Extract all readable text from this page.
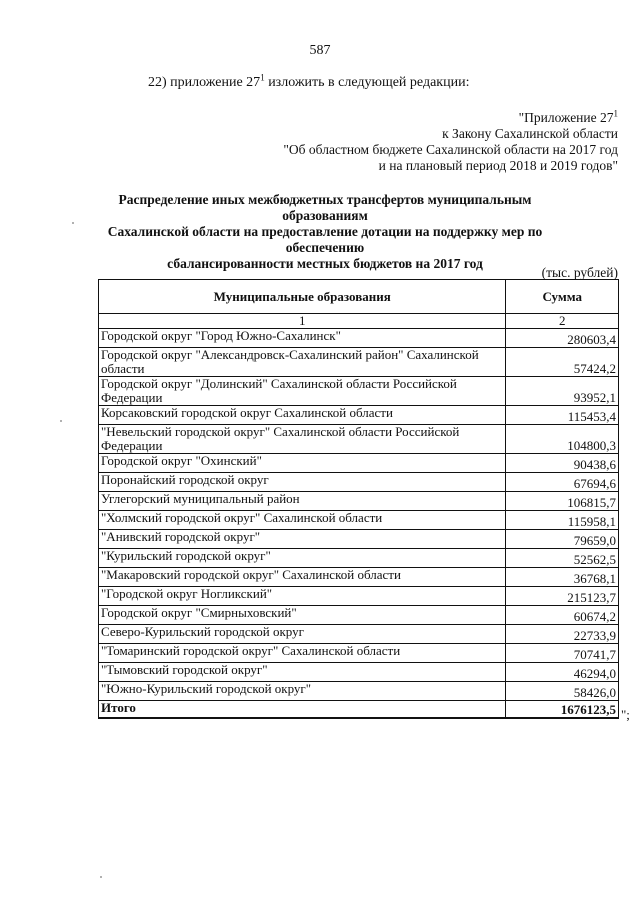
587
22) приложение $27^1$ изложить в следующей редакции:
"Приложение $27^1$
к Закону Сахалинской области
"Об областном бюджете Сахалинской области на 2017 год
и на плановый период 2018 и 2019 годов"
Распределение иных межбюджетных трансфертов муниципальным образованиям
Сахалинской области на предоставление дотации на поддержку мер по обеспечению
сбалансированности местных бюджетов на 2017 год
(тыс. рублей)
Муниципальные образования	Сумма
1	2
Городской округ "Город Южно-Сахалинск"	280603,4
Городской округ "Александровск-Сахалинский район" Сахалинской области	57424,2
Городской округ "Долинский" Сахалинской области Российской Федерации	93952,1
Корсаковский городской округ Сахалинской области	115453,4
"Невельский городской округ" Сахалинской области Российской Федерации	104800,3
Городской округ "Охинский"	90438,6
Поронайский городской округ	67694,6
Углегорский муниципальный район	106815,7
"Холмский городской округ" Сахалинской области	115958,1
"Анивский городской округ"	79659,0
"Курильский городской округ"	52562,5
"Макаровский городской округ" Сахалинской области	36768,1
"Городской округ Ногликский"	215123,7
Городской округ "Смирныховский"	60674,2
Северо-Курильский городской округ	22733,9
"Томаринский городской округ" Сахалинской области	70741,7
"Тымовский городской округ"	46294,0
"Южно-Курильский городской округ"	58426,0
Итого	1676123,5 ";
